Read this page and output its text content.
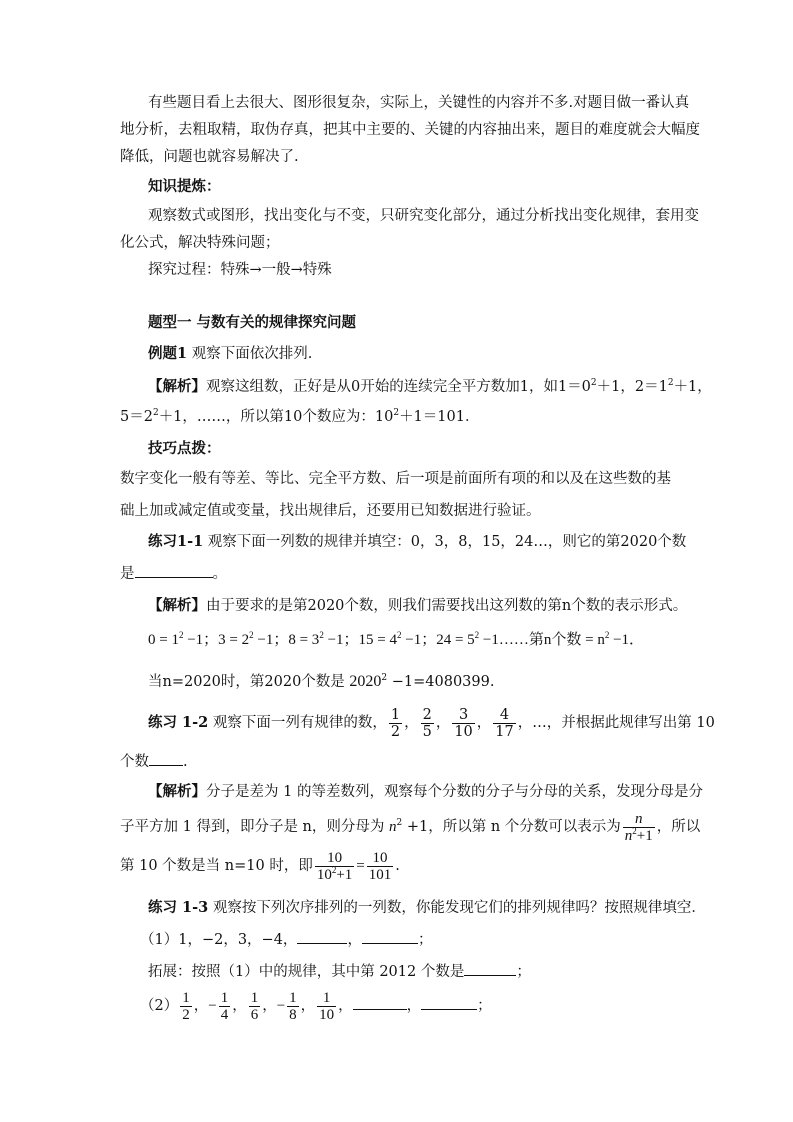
有些题目看上去很大、图形很复杂，实际上，关键性的内容并不多.对题目做一番认真
地分析，去粗取精，取伪存真，把其中主要的、关键的内容抽出来，题目的难度就会大幅度
降低，问题也就容易解决了.
知识提炼：
观察数式或图形，找出变化与不变，只研究变化部分，通过分析找出变化规律，套用变
化公式，解决特殊问题；
探究过程：特殊→一般→特殊
题型一 与数有关的规律探究问题
例题1 观察下面依次排列.
【解析】观察这组数，正好是从0开始的连续完全平方数加1，如$1=0^2+1$，$2=1^2+1$，
$5=2^2+1$，……，所以第10个数应为：$10^2+1=101$．
技巧点拨：
数字变化一般有等差、等比、完全平方数、后一项是前面所有项的和以及在这些数的基
础上加或减定值或变量，找出规律后，还要用已知数据进行验证。
练习1-1 观察下面一列数的规律并填空：0，3，8，15，24…，则它的第2020个数
是	。
【解析】由于要求的是第2020个数，则我们需要找出这列数的第n个数的表示形式。
$0 = 1^2 -1$；$3 = 2^2 -1$；$8 = 3^2 -1$；$15 = 4^2 -1$；$24 = 5^2$ −1……第n个数 = $n^2 -1$．
当n=2020时，第2020个数是 $2020^2 -1=4080399$.
练习 1-2 观察下面一列有规律的数， $\frac{1}{2}$ ， $\frac{2}{5}$ ， $\frac{3}{10}$ ， $\frac{4}{17}$ ，…，并根据此规律写出第 10
个数 .
【解析】分子是差为 1 的等差数列，观察每个分数的分子与分母的关系，发现分母是分
子平方加 1 得到，即分子是 n，则分母为 $n^2 +1$，所以第 n 个分数可以表示为 $\frac{n}{n^2+1}$ ，所以
第 10 个数是当 n=10 时，即 $\frac{10}{10^2+1} = \frac{10}{101}$ .
练习 1-3 观察按下列次序排列的一列数，你能发现它们的排列规律吗？按照规律填空．
（1）1，−2，3，−4，	，	；
拓展：按照（1）中的规律，其中第 2012 个数是	；
$(2) \frac{1}{2}$ ，− $\frac{1}{4}$ ， $\frac{1}{6}$ ，− $\frac{1}{8}$ ， $\frac{1}{10}$ ，	，	；
